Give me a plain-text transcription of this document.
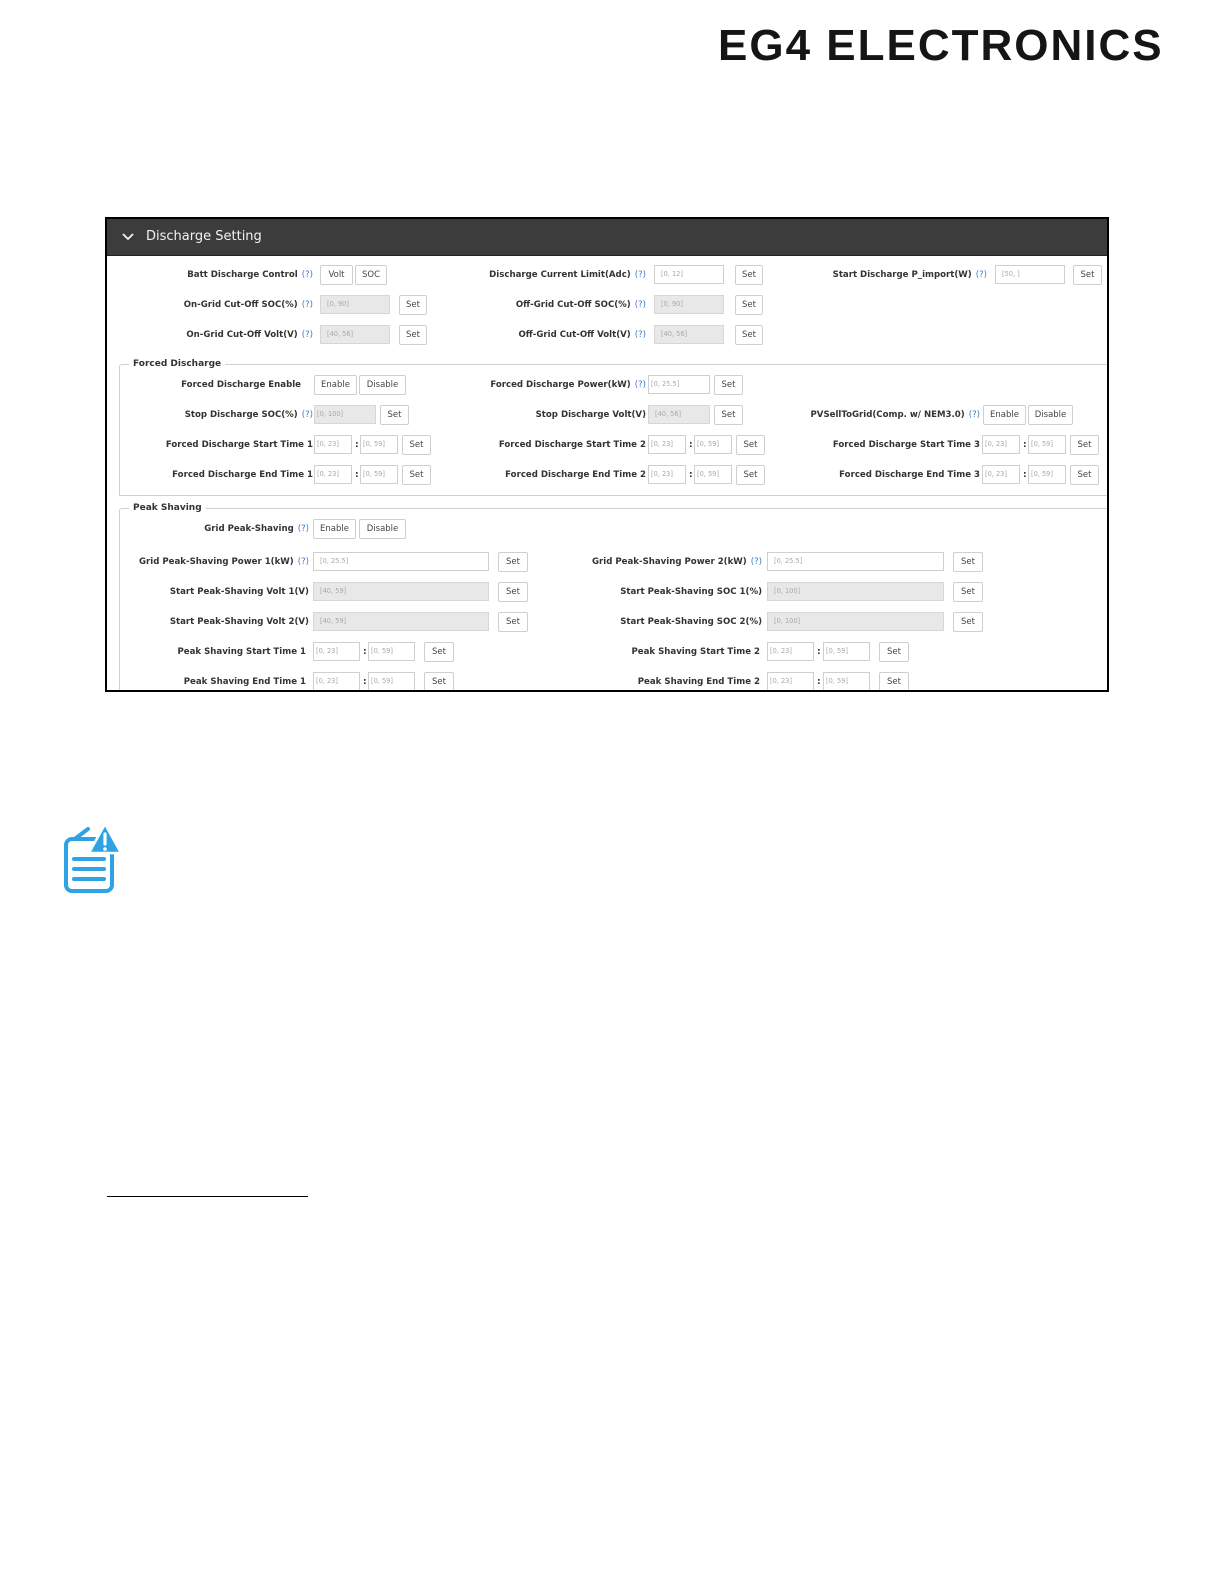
EG4 ELECTRONICS
Discharge Setting
Batt Discharge Control (?)	Volt	SOC	Discharge Current Limit(Adc) (?)	[0, 12]	Set	Start Discharge P_import(W) (?)	[50, ]	Set
On-Grid Cut-Off SOC(%) (?)	[0, 90]	Set	Off-Grid Cut-Off SOC(%) (?)	[0, 90]	Set
On-Grid Cut-Off Volt(V) (?)	[40, 56]	Set	Off-Grid Cut-Off Volt(V) (?)	[40, 56]	Set
Forced Discharge
Forced Discharge Enable	Enable	Disable	Forced Discharge Power(kW) (?) [0, 25.5]	Set
Stop Discharge SOC(%) (?) [0, 100]	Set	Stop Discharge Volt(V)	[40, 56]	Set	PVSellToGrid(Comp. w/ NEM3.0) (?)	Enable	Disable
Forced Discharge Start Time 1 [0, 23]	: [0, 59]	Set	Forced Discharge Start Time 2 [0, 23]	: [0, 59]	Set	Forced Discharge Start Time 3 [0, 23]	: [0, 59]	Set
Forced Discharge End Time 1 [0, 23]	: [0, 59]	Set	Forced Discharge End Time 2 [0, 23]	: [0, 59]	Set	Forced Discharge End Time 3 [0, 23]	: [0, 59]	Set
Peak Shaving
Grid Peak-Shaving (?)	Enable	Disable
Grid Peak-Shaving Power 1(kW) (?)	[0, 25.5]	Set	Grid Peak-Shaving Power 2(kW) (?)	[0, 25.5]	Set
Start Peak-Shaving Volt 1(V)	[40, 59]	Set	Start Peak-Shaving SOC 1(%)	[0, 100]	Set
Start Peak-Shaving Volt 2(V)	[40, 59]	Set	Start Peak-Shaving SOC 2(%)	[0, 100]	Set
Peak Shaving Start Time 1	[0, 23]	: [0, 59]	Set	Peak Shaving Start Time 2	[0, 23]	: [0, 59]	Set
Peak Shaving End Time 1	[0, 23]	: [0, 59]	Set	Peak Shaving End Time 2	[0, 23]	: [0, 59]	Set
